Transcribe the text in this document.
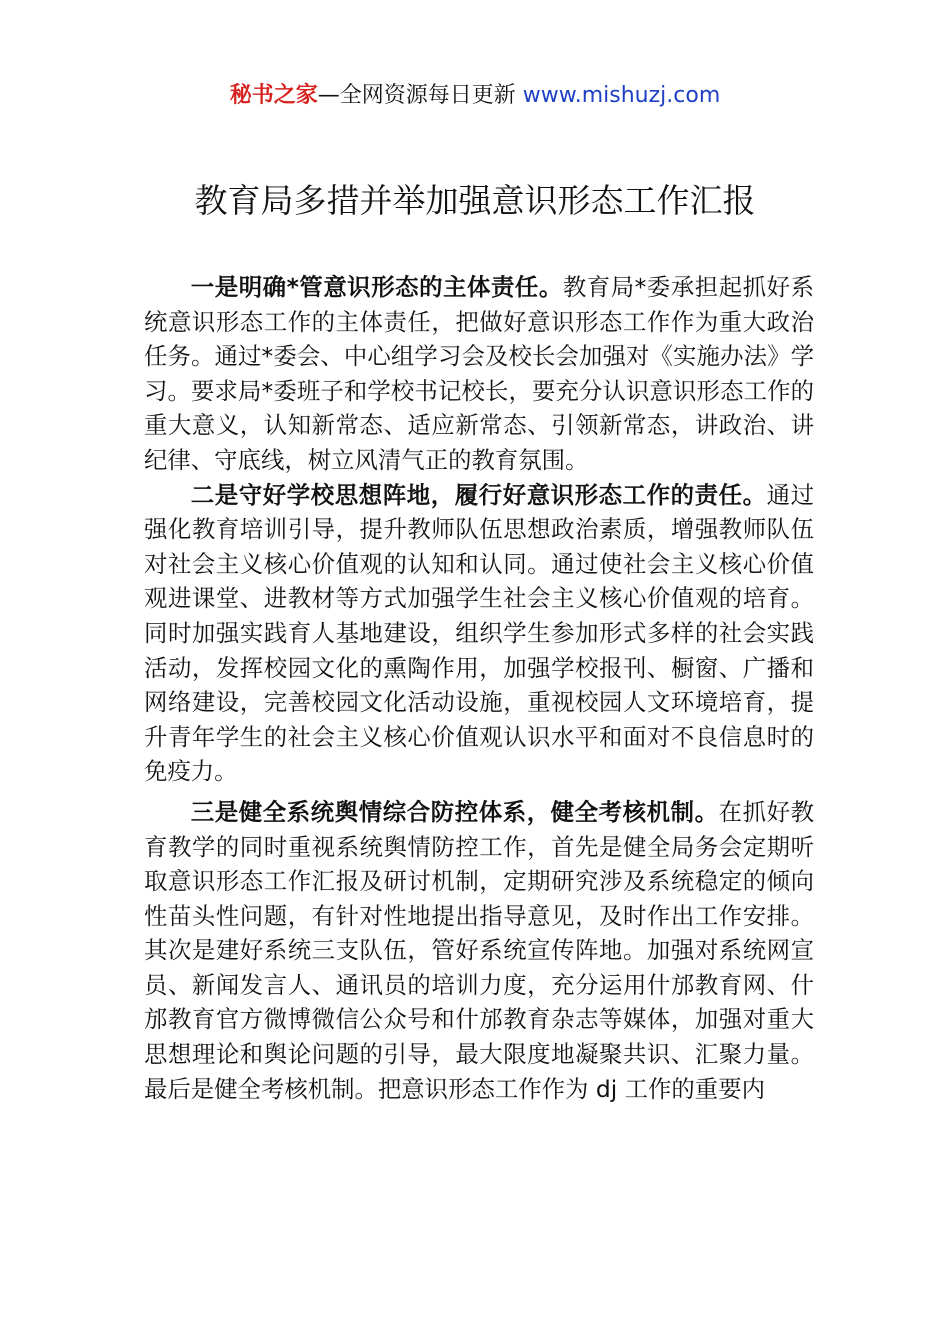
秘书之家—全网资源每日更新 www.mishuzj.com
教育局多措并举加强意识形态工作汇报

一是明确*管意识形态的主体责任。教育局*委承担起抓好系统意识形态工作的主体责任，把做好意识形态工作作为重大政治任务。通过*委会、中心组学习会及校长会加强对《实施办法》学习。要求局*委班子和学校书记校长，要充分认识意识形态工作的重大意义，认知新常态、适应新常态、引领新常态，讲政治、讲纪律、守底线，树立风清气正的教育氛围。

二是守好学校思想阵地，履行好意识形态工作的责任。通过强化教育培训引导，提升教师队伍思想政治素质，增强教师队伍对社会主义核心价值观的认知和认同。通过使社会主义核心价值观进课堂、进教材等方式加强学生社会主义核心价值观的培育。同时加强实践育人基地建设，组织学生参加形式多样的社会实践活动，发挥校园文化的熏陶作用，加强学校报刊、橱窗、广播和网络建设，完善校园文化活动设施，重视校园人文环境培育，提升青年学生的社会主义核心价值观认识水平和面对不良信息时的免疫力。

三是健全系统舆情综合防控体系，健全考核机制。在抓好教育教学的同时重视系统舆情防控工作，首先是健全局务会定期听取意识形态工作汇报及研讨机制，定期研究涉及系统稳定的倾向性苗头性问题，有针对性地提出指导意见，及时作出工作安排。其次是建好系统三支队伍，管好系统宣传阵地。加强对系统网宣员、新闻发言人、通讯员的培训力度，充分运用什邡教育网、什邡教育官方微博微信公众号和什邡教育杂志等媒体，加强对重大思想理论和舆论问题的引导，最大限度地凝聚共识、汇聚力量。最后是健全考核机制。把意识形态工作作为 dj 工作的重要内
